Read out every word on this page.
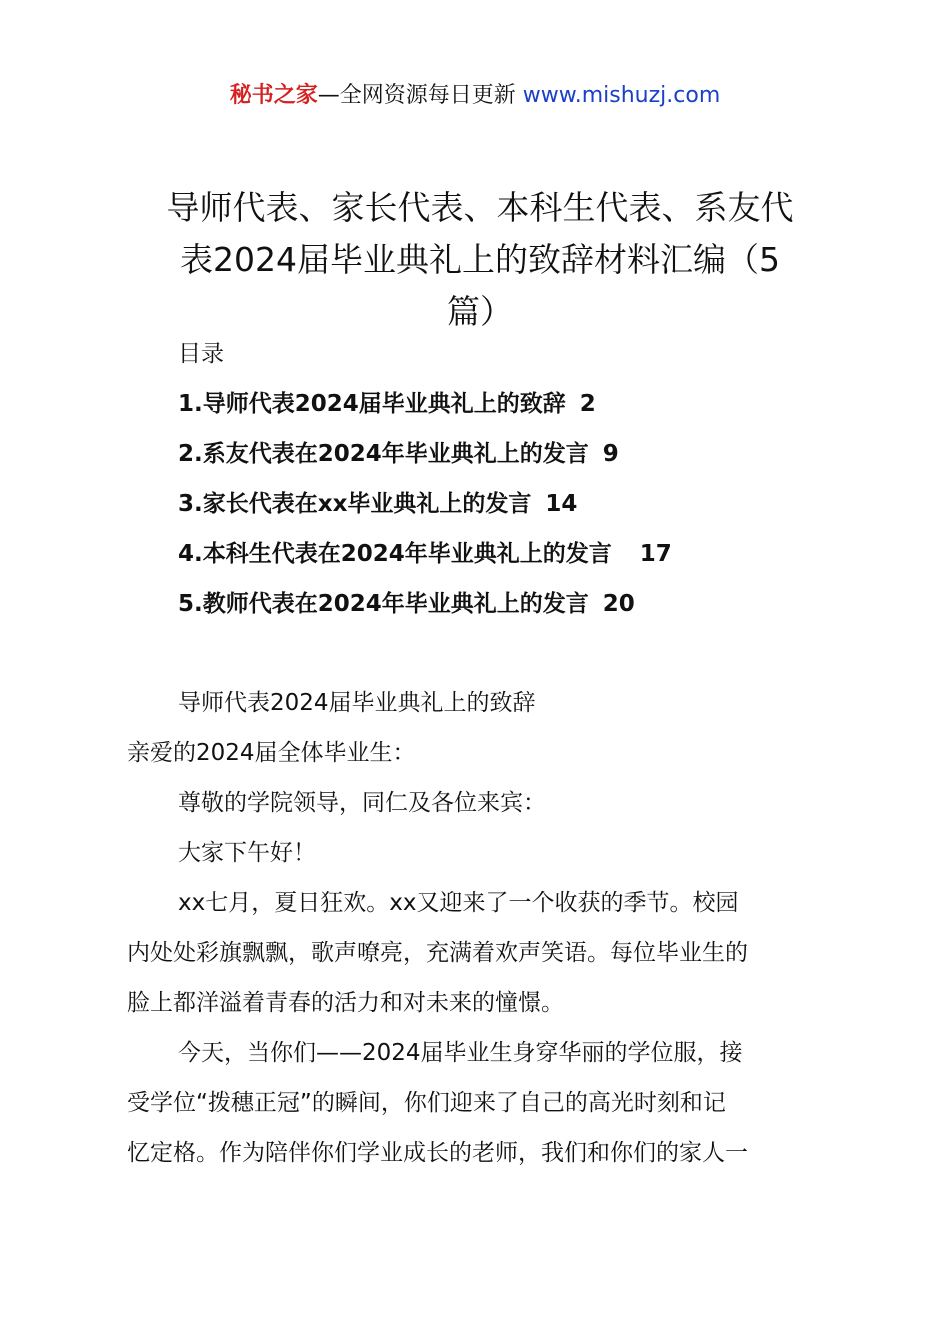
秘书之家—全网资源每日更新 www.mishuzj.com
导师代表、家长代表、本科生代表、系友代
表2024届毕业典礼上的致辞材料汇编（5
篇）
目录
1.导师代表2024届毕业典礼上的致辞 2
2.系友代表在2024年毕业典礼上的发言 9
3.家长代表在xx毕业典礼上的发言 14
4.本科生代表在2024年毕业典礼上的发言 17
5.教师代表在2024年毕业典礼上的发言 20
导师代表2024届毕业典礼上的致辞
亲爱的2024届全体毕业生：
尊敬的学院领导，同仁及各位来宾：
大家下午好！
xx七月，夏日狂欢。xx又迎来了一个收获的季节。校园
内处处彩旗飘飘，歌声嘹亮，充满着欢声笑语。每位毕业生的
脸上都洋溢着青春的活力和对未来的憧憬。
今天，当你们——2024届毕业生身穿华丽的学位服，接
受学位“拨穗正冠”的瞬间，你们迎来了自己的高光时刻和记
忆定格。作为陪伴你们学业成长的老师，我们和你们的家人一
